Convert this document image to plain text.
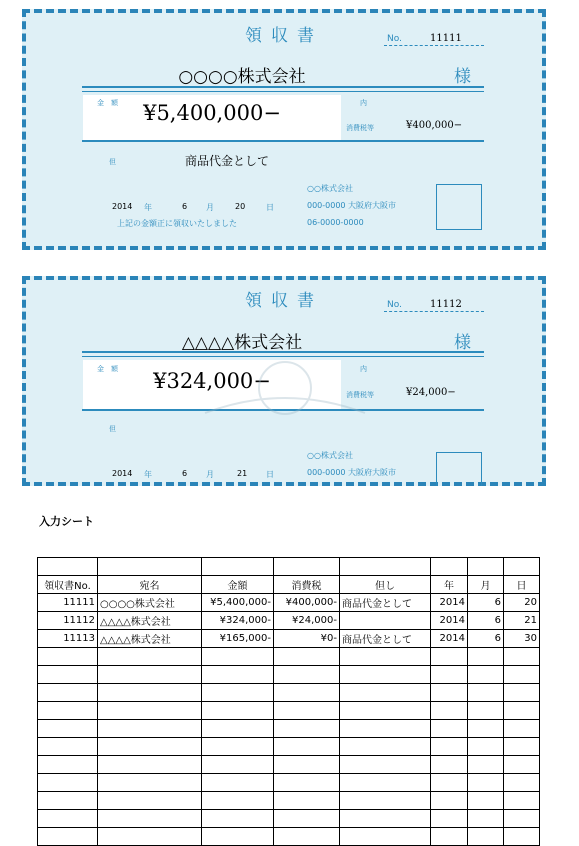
領収書	No.	11111
○○○○株式会社	様
¥5,400,000−
金　額	内
消費税等	¥400,000−
但	商品代金として
2014 年	6 月	20	日
○○株式会社
000-0000 大阪府大阪市
06-0000-0000
上記の金額正に領収いたしました
領収書	No.	11112
△△△△株式会社	様
¥324,000−
金　額	内
消費税等	¥24,000−
但
2014 年	6 月	21 日
○○株式会社
000-0000 大阪府大阪市
入力シート

領収書No.	宛名	金額	消費税	但し	年	月	日
11111	○○○○株式会社	¥5,400,000-	¥400,000-	商品代金として	2014	6	20
11112	△△△△株式会社	¥324,000-	¥24,000-		2014	6	21
11113	△△△△株式会社	¥165,000-	¥0-	商品代金として	2014	6	30
